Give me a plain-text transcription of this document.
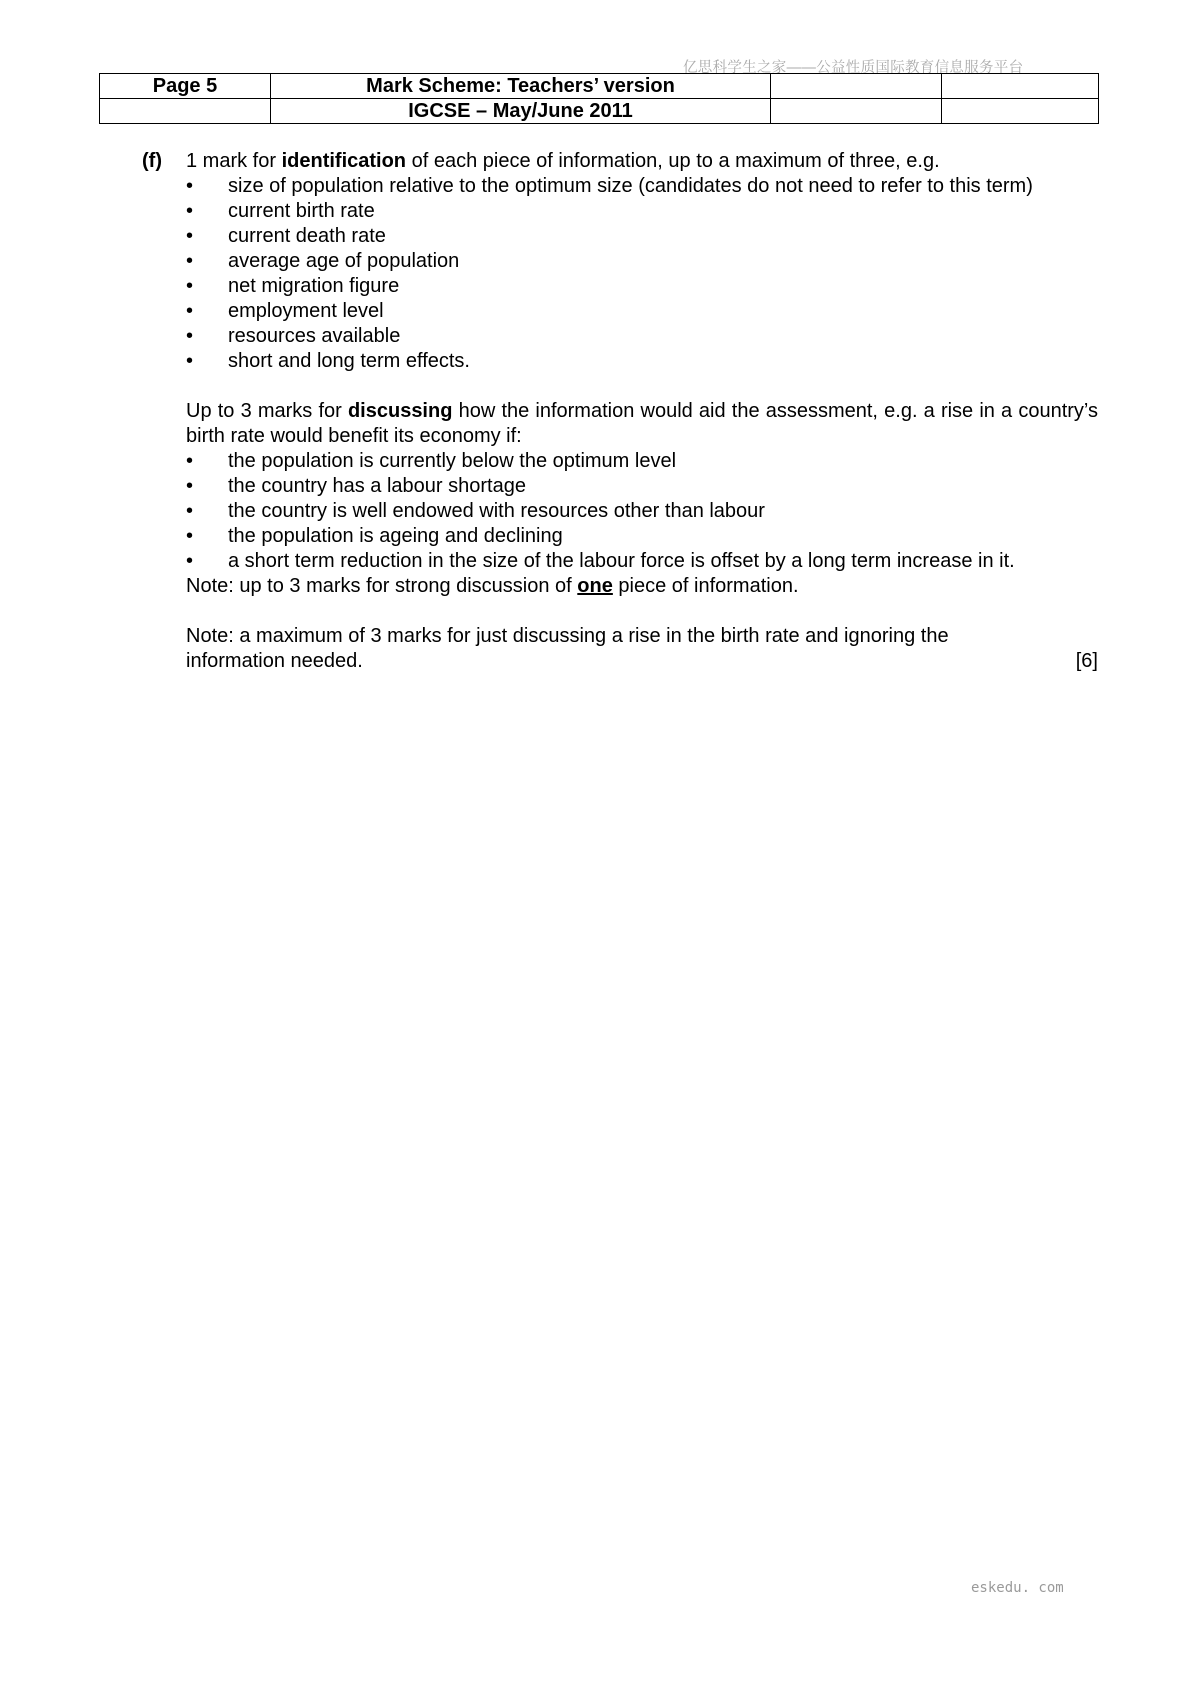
亿思科学生之家——公益性质国际教育信息服务平台
Page 5	Mark Scheme: Teachers’ version		
	IGCSE – May/June 2011		
(f) 1 mark for identification of each piece of information, up to a maximum of three, e.g.

• size of population relative to the optimum size (candidates do not need to refer to this term)
• current birth rate
• current death rate
• average age of population
• net migration figure
• employment level
• resources available
• short and long term effects.

Up to 3 marks for discussing how the information would aid the assessment, e.g. a rise in a country’s birth rate would benefit its economy if:

• the population is currently below the optimum level
• the country has a labour shortage
• the country is well endowed with resources other than labour
• the population is ageing and declining
• a short term reduction in the size of the labour force is offset by a long term increase in it.

Note: up to 3 marks for strong discussion of one piece of information.

Note: a maximum of 3 marks for just discussing a rise in the birth rate and ignoring the

information needed.	[6]
eskedu. com
